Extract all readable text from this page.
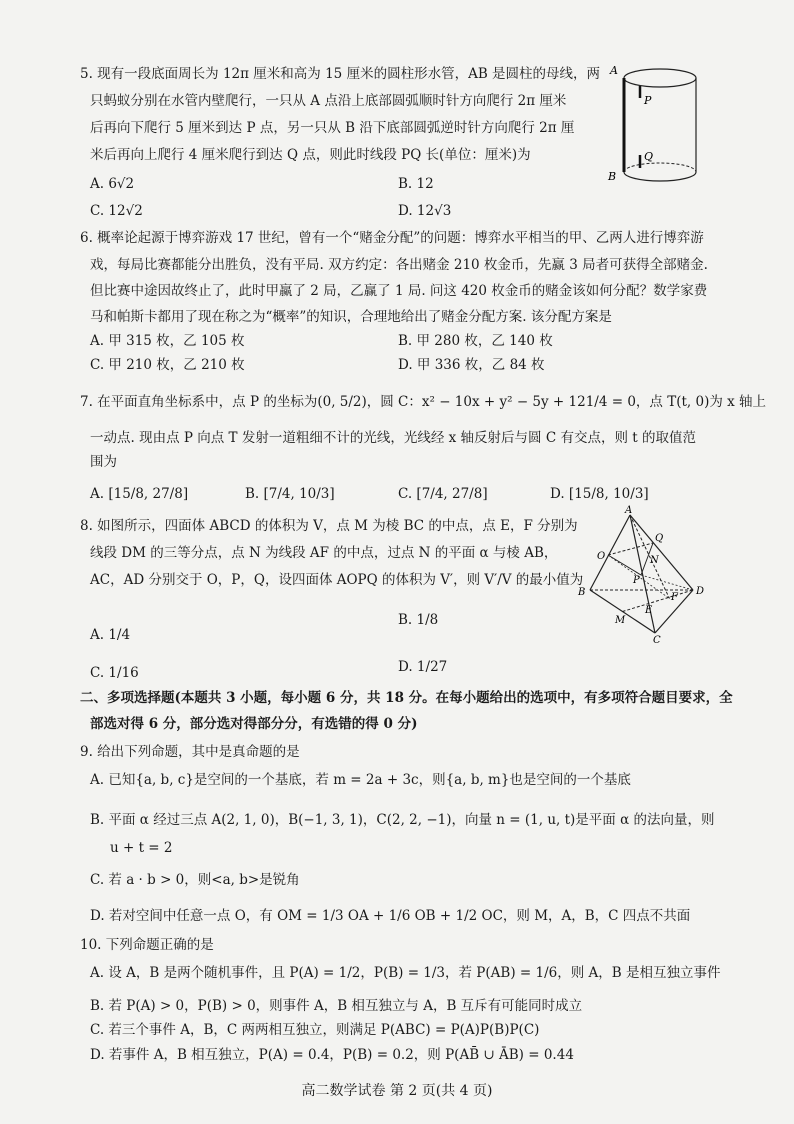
5. 现有一段底面周长为 12π 厘米和高为 15 厘米的圆柱形水管，AB 是圆柱的母线，两
只蚂蚁分别在水管内壁爬行，一只从 A 点沿上底部圆弧顺时针方向爬行 2π 厘米
后再向下爬行 5 厘米到达 P 点，另一只从 B 沿下底部圆弧逆时针方向爬行 2π 厘
米后再向上爬行 4 厘米爬行到达 Q 点，则此时线段 PQ 长(单位：厘米)为
A. 6√2	B. 12
C. 12√2	D. 12√3
A
P
Q
B
6. 概率论起源于博弈游戏 17 世纪，曾有一个“赌金分配”的问题：博弈水平相当的甲、乙两人进行博弈游
戏，每局比赛都能分出胜负，没有平局. 双方约定：各出赌金 210 枚金币，先赢 3 局者可获得全部赌金.
但比赛中途因故终止了，此时甲赢了 2 局，乙赢了 1 局. 问这 420 枚金币的赌金该如何分配？数学家费
马和帕斯卡都用了现在称之为“概率”的知识，合理地给出了赌金分配方案. 该分配方案是
A. 甲 315 枚，乙 105 枚	B. 甲 280 枚，乙 140 枚
C. 甲 210 枚，乙 210 枚	D. 甲 336 枚，乙 84 枚
7. 在平面直角坐标系中，点 P 的坐标为(0, 5/2)，圆 C：x² − 10x + y² − 5y + 121/4 = 0，点 T(t, 0)为 x 轴上
一动点. 现由点 P 向点 T 发射一道粗细不计的光线，光线经 x 轴反射后与圆 C 有交点，则 t 的取值范
围为
A. [15/8, 27/8]	B. [7/4, 10/3]	C. [7/4, 27/8]	D. [15/8, 10/3]
8. 如图所示，四面体 ABCD 的体积为 V，点 M 为棱 BC 的中点，点 E，F 分别为
线段 DM 的三等分点，点 N 为线段 AF 的中点，过点 N 的平面 α 与棱 AB，
AC，AD 分别交于 O，P，Q，设四面体 AOPQ 的体积为 V′，则 V′/V 的最小值为
A. 1/4
B. 1/8
C. 1/16	D. 1/27
A
Q
O	N
P
B	D
F
E
M
C
二、多项选择题(本题共 3 小题，每小题 6 分，共 18 分。在每小题给出的选项中，有多项符合题目要求，全
部选对得 6 分，部分选对得部分分，有选错的得 0 分)
9. 给出下列命题，其中是真命题的是
A. 已知{a, b, c}是空间的一个基底，若 m = 2a + 3c，则{a, b, m}也是空间的一个基底
B. 平面 α 经过三点 A(2, 1, 0)，B(−1, 3, 1)，C(2, 2, −1)，向量 n = (1, u, t)是平面 α 的法向量，则
u + t = 2
C. 若 a · b > 0，则<a, b>是锐角
D. 若对空间中任意一点 O，有 OM = 1/3 OA + 1/6 OB + 1/2 OC，则 M，A，B，C 四点不共面
10. 下列命题正确的是
A. 设 A，B 是两个随机事件，且 P(A) = 1/2，P(B) = 1/3，若 P(AB) = 1/6，则 A，B 是相互独立事件
B. 若 P(A) > 0，P(B) > 0，则事件 A，B 相互独立与 A，B 互斥有可能同时成立
C. 若三个事件 A，B，C 两两相互独立，则满足 P(ABC) = P(A)P(B)P(C)
D. 若事件 A，B 相互独立，P(A) = 0.4，P(B) = 0.2，则 P(AB̄ ∪ ĀB) = 0.44
高二数学试卷 第 2 页(共 4 页)
